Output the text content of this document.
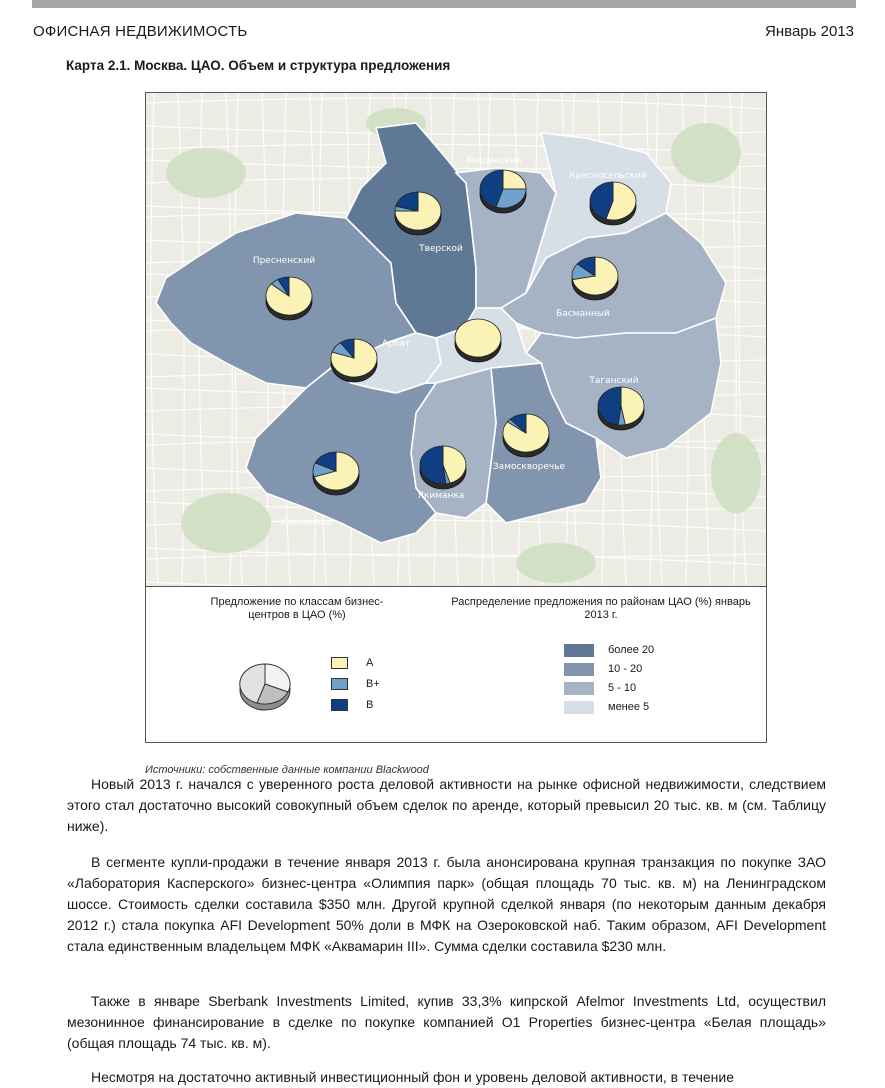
ОФИСНАЯ НЕДВИЖИМОСТЬ	Январь 2013
Карта 2.1. Москва. ЦАО. Объем и структура предложения
Пресненский
Тверской
Мещанский
Красносельский
Басманный
Арбат
Таганский
Замоскворечье
Якиманка
Хамовники
Предложение по классам бизнес-центров в ЦАО (%)
Распределение предложения по районам ЦАО (%) январь 2013 г.
A
B+
B
более 20
10 - 20
5 - 10
менее 5
Источники: собственные данные компании Blackwood

Новый 2013 г. начался с уверенного роста деловой активности на рынке офисной недвижимости, следствием этого стал достаточно высокий совокупный объем сделок по аренде, который превысил 20 тыс. кв. м (см. Таблицу ниже).

В сегменте купли-продажи в течение января 2013 г. была анонсирована крупная транзакция по покупке ЗАО «Лаборатория Касперского» бизнес-центра «Олимпия парк» (общая площадь 70 тыс. кв. м) на Ленинградском шоссе. Стоимость сделки составила $350 млн. Другой крупной сделкой января (по некоторым данным декабря 2012 г.) стала покупка AFI Development 50% доли в МФК на Озероковской наб. Таким образом, AFI Development стала единственным владельцем МФК «Аквамарин III». Сумма сделки составила $230 млн.

Также в январе Sberbank Investments Limited, купив 33,3% кипрской Afelmor Investments Ltd, осуществил мезонинное финансирование в сделке по покупке компанией O1 Properties бизнес-центра «Белая площадь» (общая площадь 74 тыс. кв. м).

Несмотря на достаточно активный инвестиционный фон и уровень деловой активности, в течение
